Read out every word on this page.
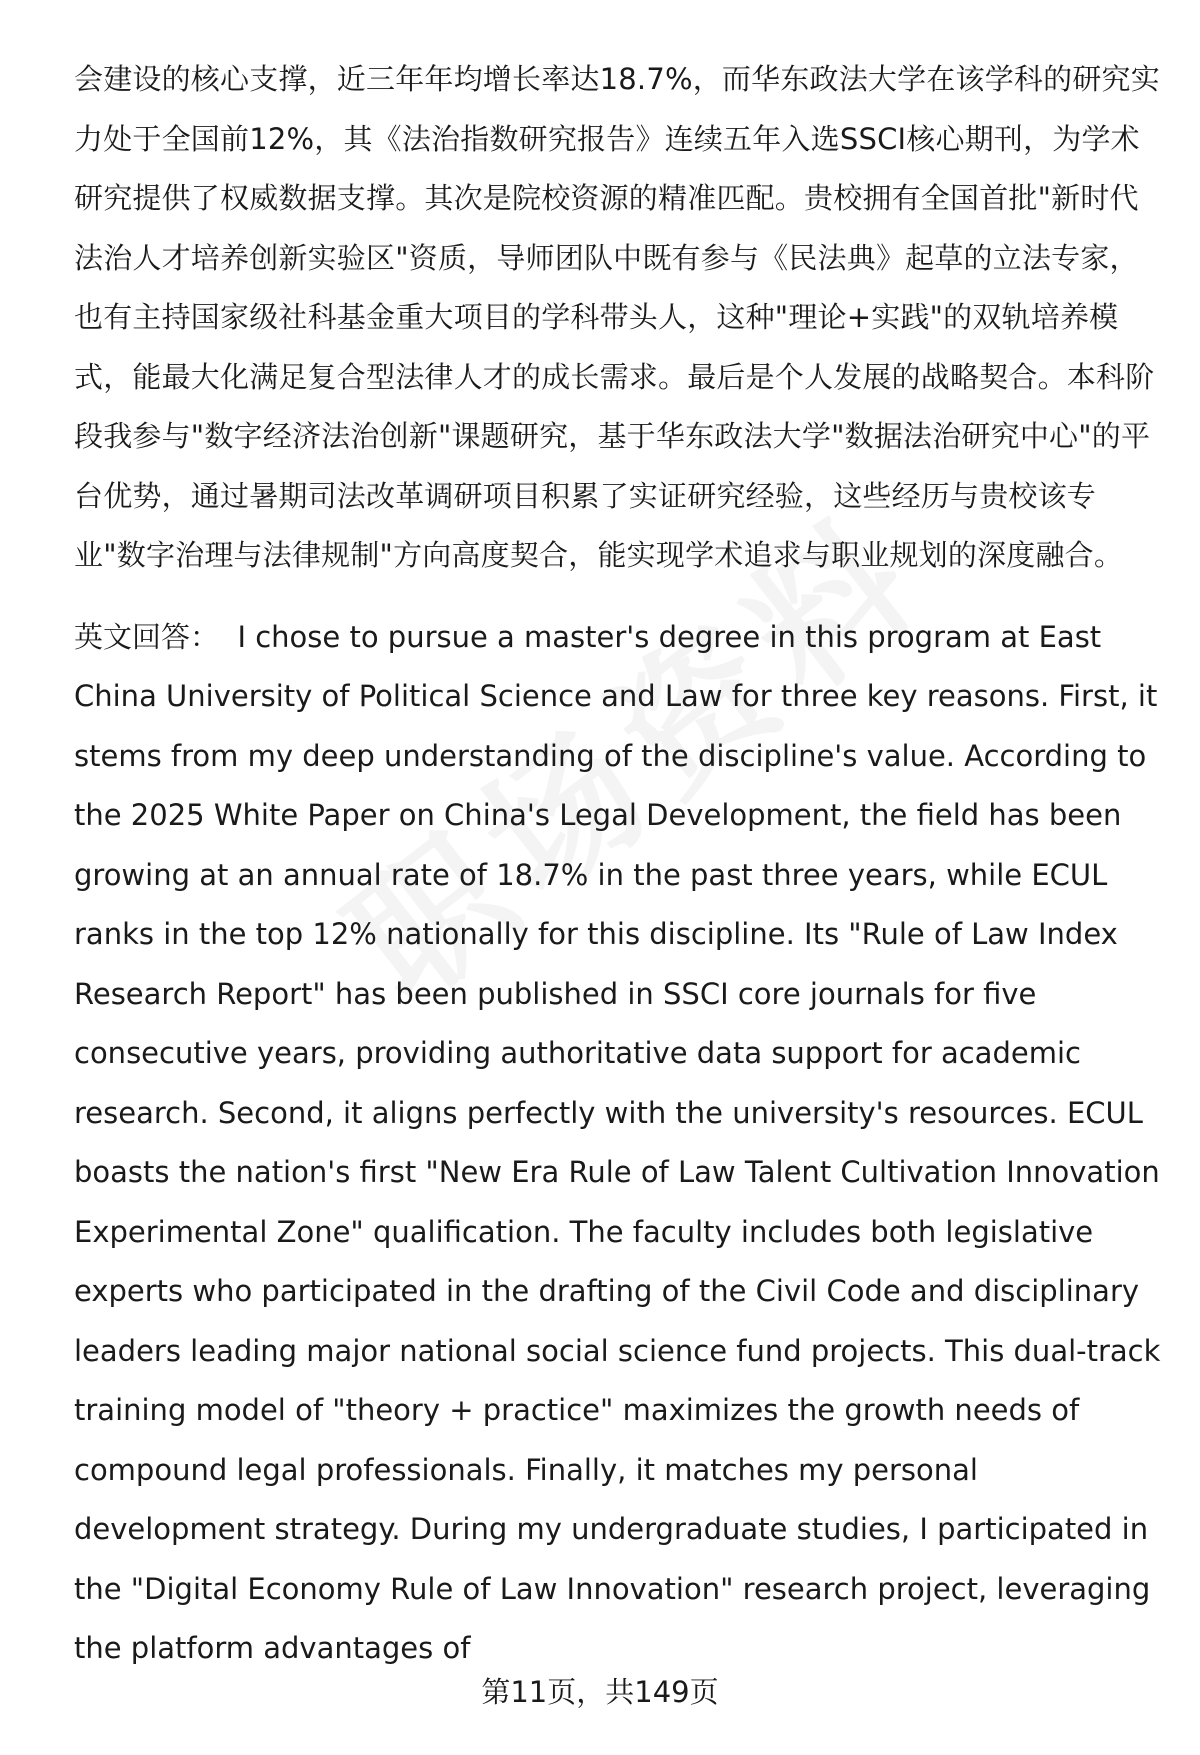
会建设的核心支撑，近三年年均增长率达18.7%，而华东政法大学在该学科的研究实力处于全国前12%，其《法治指数研究报告》连续五年入选SSCI核心期刊，为学术研究提供了权威数据支撑。其次是院校资源的精准匹配。贵校拥有全国首批"新时代法治人才培养创新实验区"资质，导师团队中既有参与《民法典》起草的立法专家，也有主持国家级社科基金重大项目的学科带头人，这种"理论+实践"的双轨培养模式，能最大化满足复合型法律人才的成长需求。最后是个人发展的战略契合。本科阶段我参与"数字经济法治创新"课题研究，基于华东政法大学"数据法治研究中心"的平台优势，通过暑期司法改革调研项目积累了实证研究经验，这些经历与贵校该专业"数字治理与法律规制"方向高度契合，能实现学术追求与职业规划的深度融合。

英文回答： I chose to pursue a master's degree in this program at East China University of Political Science and Law for three key reasons. First, it stems from my deep understanding of the discipline's value. According to the 2025 White Paper on China's Legal Development, the field has been growing at an annual rate of 18.7% in the past three years, while ECUL ranks in the top 12% nationally for this discipline. Its "Rule of Law Index Research Report" has been published in SSCI core journals for five consecutive years, providing authoritative data support for academic research. Second, it aligns perfectly with the university's resources. ECUL boasts the nation's first "New Era Rule of Law Talent Cultivation Innovation Experimental Zone" qualification. The faculty includes both legislative experts who participated in the drafting of the Civil Code and disciplinary leaders leading major national social science fund projects. This dual-track training model of "theory + practice" maximizes the growth needs of compound legal professionals. Finally, it matches my personal development strategy. During my undergraduate studies, I participated in the "Digital Economy Rule of Law Innovation" research project, leveraging the platform advantages of

第11页，共149页
